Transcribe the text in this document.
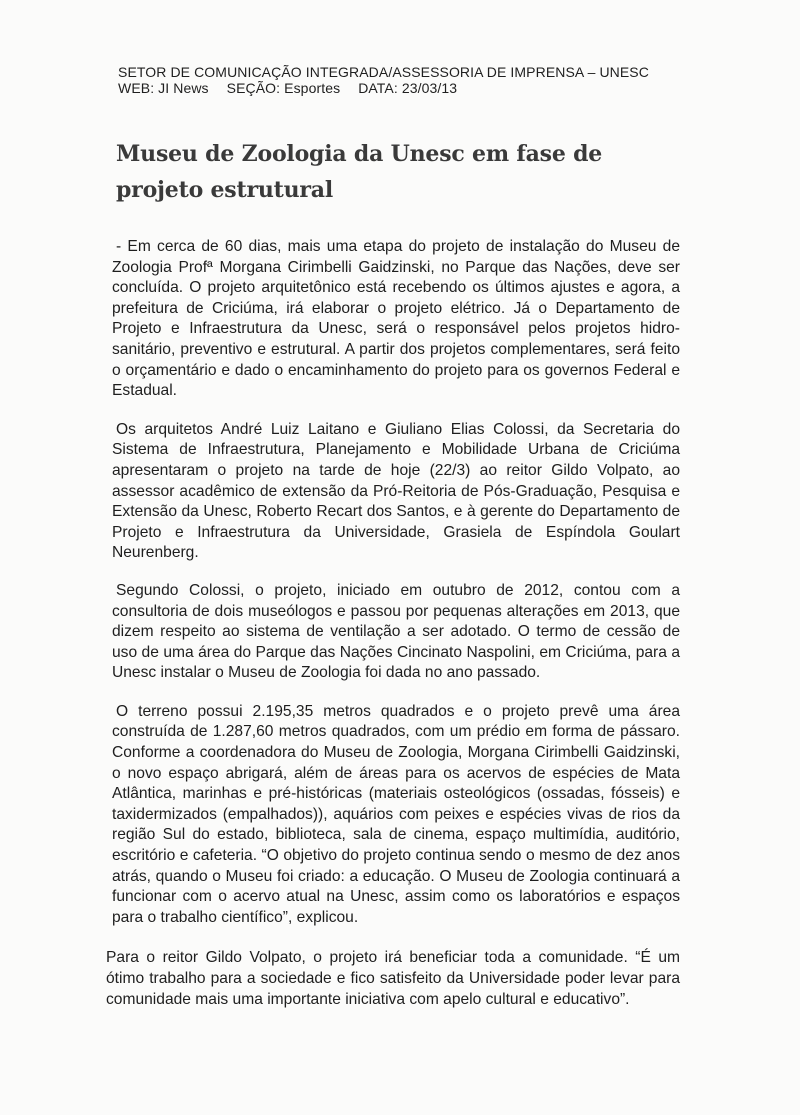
SETOR DE COMUNICAÇÃO INTEGRADA/ASSESSORIA DE IMPRENSA – UNESC
WEB: JI News SEÇÃO: Esportes DATA: 23/03/13
Museu de Zoologia da Unesc em fase de projeto estrutural

- Em cerca de 60 dias, mais uma etapa do projeto de instalação do Museu de Zoologia Profª Morgana Cirimbelli Gaidzinski, no Parque das Nações, deve ser concluída. O projeto arquitetônico está recebendo os últimos ajustes e agora, a prefeitura de Criciúma, irá elaborar o projeto elétrico. Já o Departamento de Projeto e Infraestrutura da Unesc, será o responsável pelos projetos hidro-sanitário, preventivo e estrutural. A partir dos projetos complementares, será feito o orçamentário e dado o encaminhamento do projeto para os governos Federal e Estadual.

Os arquitetos André Luiz Laitano e Giuliano Elias Colossi, da Secretaria do Sistema de Infraestrutura, Planejamento e Mobilidade Urbana de Criciúma apresentaram o projeto na tarde de hoje (22/3) ao reitor Gildo Volpato, ao assessor acadêmico de extensão da Pró-Reitoria de Pós-Graduação, Pesquisa e Extensão da Unesc, Roberto Recart dos Santos, e à gerente do Departamento de Projeto e Infraestrutura da Universidade, Grasiela de Espíndola Goulart Neurenberg.

Segundo Colossi, o projeto, iniciado em outubro de 2012, contou com a consultoria de dois museólogos e passou por pequenas alterações em 2013, que dizem respeito ao sistema de ventilação a ser adotado. O termo de cessão de uso de uma área do Parque das Nações Cincinato Naspolini, em Criciúma, para a Unesc instalar o Museu de Zoologia foi dada no ano passado.

O terreno possui 2.195,35 metros quadrados e o projeto prevê uma área construída de 1.287,60 metros quadrados, com um prédio em forma de pássaro. Conforme a coordenadora do Museu de Zoologia, Morgana Cirimbelli Gaidzinski, o novo espaço abrigará, além de áreas para os acervos de espécies de Mata Atlântica, marinhas e pré-históricas (materiais osteológicos (ossadas, fósseis) e taxidermizados (empalhados)), aquários com peixes e espécies vivas de rios da região Sul do estado, biblioteca, sala de cinema, espaço multimídia, auditório, escritório e cafeteria. “O objetivo do projeto continua sendo o mesmo de dez anos atrás, quando o Museu foi criado: a educação. O Museu de Zoologia continuará a funcionar com o acervo atual na Unesc, assim como os laboratórios e espaços para o trabalho científico”, explicou.

Para o reitor Gildo Volpato, o projeto irá beneficiar toda a comunidade. “É um ótimo trabalho para a sociedade e fico satisfeito da Universidade poder levar para comunidade mais uma importante iniciativa com apelo cultural e educativo”.
